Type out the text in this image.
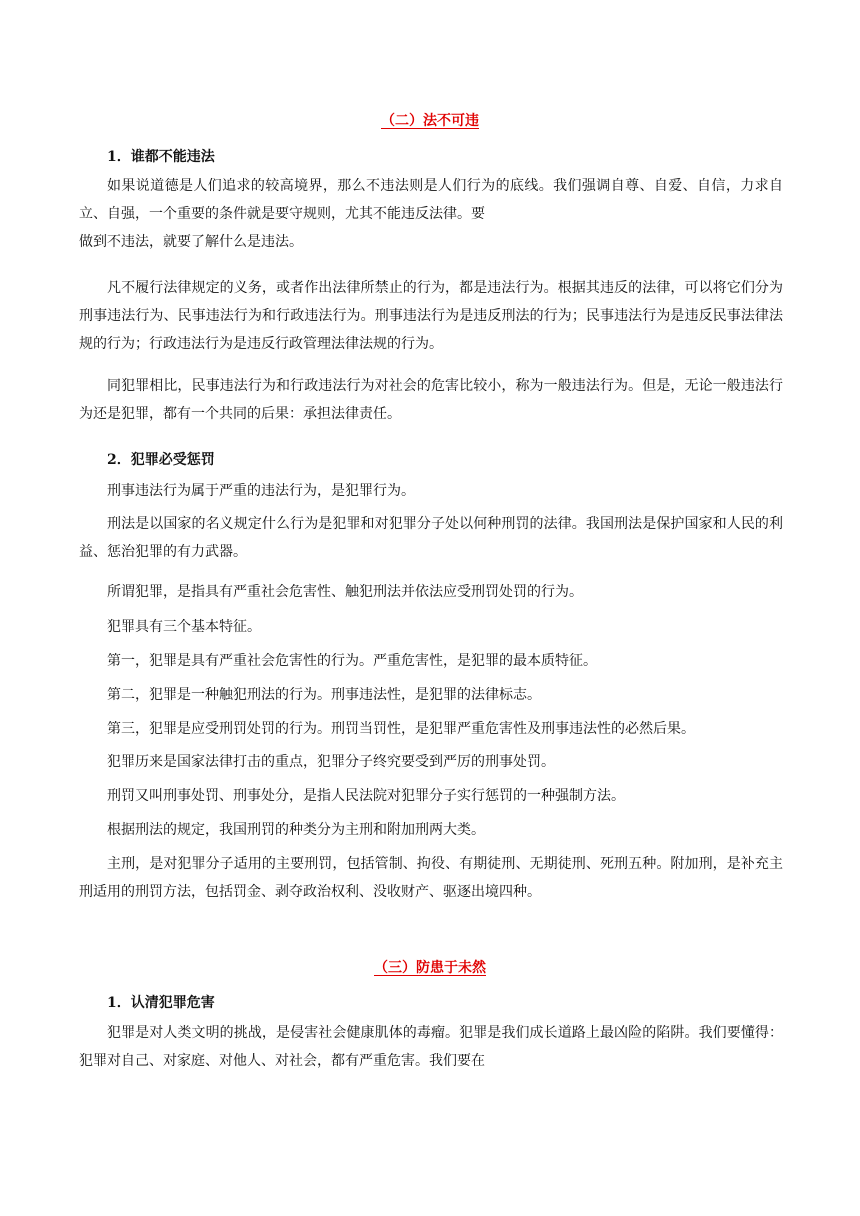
（二）法不可违
1．谁都不能违法

如果说道德是人们追求的较高境界，那么不违法则是人们行为的底线。我们强调自尊、自爱、自信，力求自立、自强，一个重要的条件就是要守规则，尤其不能违反法律。要

做到不违法，就要了解什么是违法。

凡不履行法律规定的义务，或者作出法律所禁止的行为，都是违法行为。根据其违反的法律，可以将它们分为刑事违法行为、民事违法行为和行政违法行为。刑事违法行为是违反刑法的行为；民事违法行为是违反民事法律法规的行为；行政违法行为是违反行政管理法律法规的行为。

同犯罪相比，民事违法行为和行政违法行为对社会的危害比较小，称为一般违法行为。但是，无论一般违法行为还是犯罪，都有一个共同的后果：承担法律责任。

2．犯罪必受惩罚
刑事违法行为属于严重的违法行为，是犯罪行为。

刑法是以国家的名义规定什么行为是犯罪和对犯罪分子处以何种刑罚的法律。我国刑法是保护国家和人民的利益、惩治犯罪的有力武器。

所谓犯罪，是指具有严重社会危害性、触犯刑法并依法应受刑罚处罚的行为。
犯罪具有三个基本特征。
第一，犯罪是具有严重社会危害性的行为。严重危害性，是犯罪的最本质特征。
第二，犯罪是一种触犯刑法的行为。刑事违法性，是犯罪的法律标志。
第三，犯罪是应受刑罚处罚的行为。刑罚当罚性，是犯罪严重危害性及刑事违法性的必然后果。
犯罪历来是国家法律打击的重点，犯罪分子终究要受到严厉的刑事处罚。
刑罚又叫刑事处罚、刑事处分，是指人民法院对犯罪分子实行惩罚的一种强制方法。
根据刑法的规定，我国刑罚的种类分为主刑和附加刑两大类。

主刑，是对犯罪分子适用的主要刑罚，包括管制、拘役、有期徒刑、无期徒刑、死刑五种。附加刑，是补充主刑适用的刑罚方法，包括罚金、剥夺政治权利、没收财产、驱逐出境四种。

（三）防患于未然
1．认清犯罪危害

犯罪是对人类文明的挑战，是侵害社会健康肌体的毒瘤。犯罪是我们成长道路上最凶险的陷阱。我们要懂得：犯罪对自己、对家庭、对他人、对社会，都有严重危害。我们要在
